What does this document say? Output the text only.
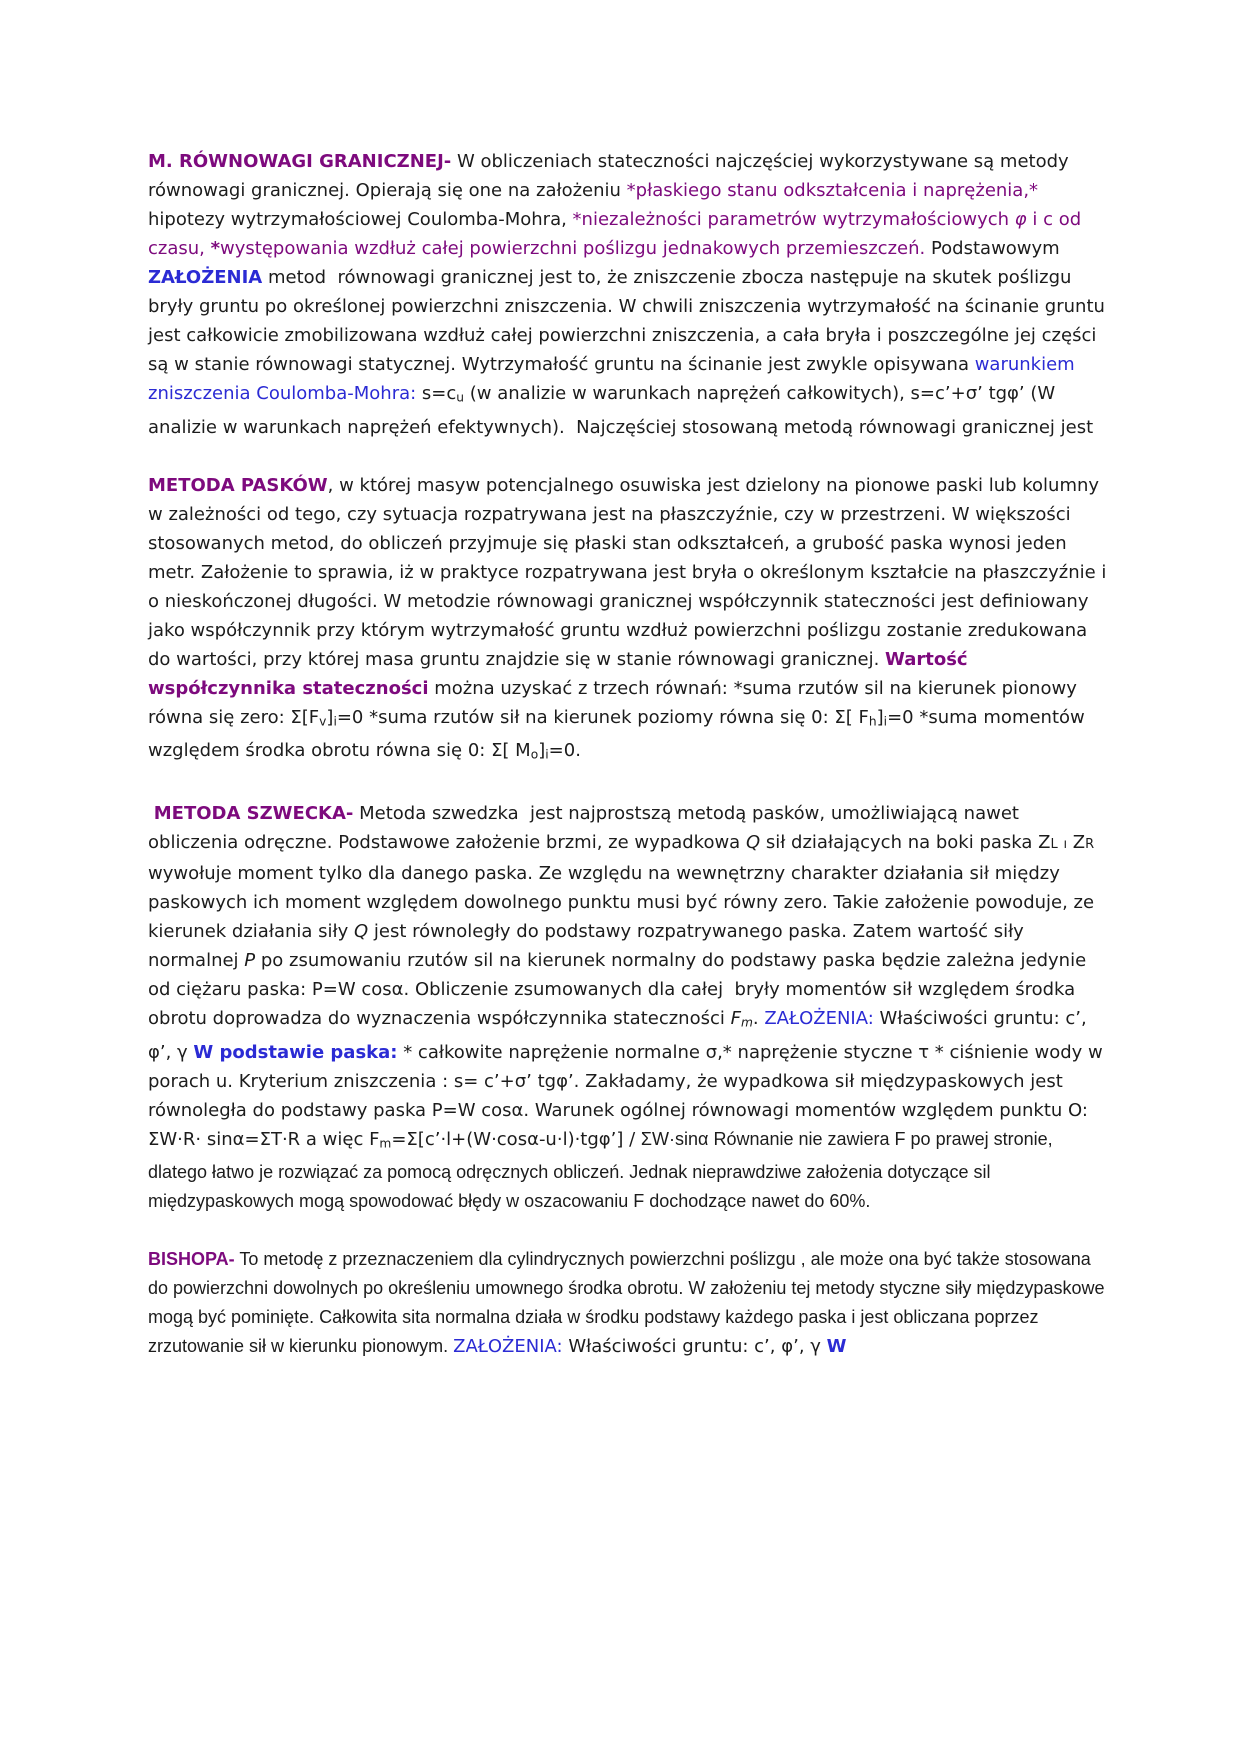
M. RÓWNOWAGI GRANICZNEJ- W obliczeniach stateczności najczęściej wykorzystywane są metody równowagi granicznej. Opierają się one na założeniu *płaskiego stanu odkształcenia i naprężenia,* hipotezy wytrzymałościowej Coulomba-Mohra, *niezależności parametrów wytrzymałościowych φ i c od czasu, *występowania wzdłuż całej powierzchni poślizgu jednakowych przemieszczeń. Podstawowym ZAŁOŻENIA metod  równowagi granicznej jest to, że zniszczenie zbocza następuje na skutek poślizgu bryły gruntu po określonej powierzchni zniszczenia. W chwili zniszczenia wytrzymałość na ścinanie gruntu jest całkowicie zmobilizowana wzdłuż całej powierzchni zniszczenia, a cała bryła i poszczególne jej części są w stanie równowagi statycznej. Wytrzymałość gruntu na ścinanie jest zwykle opisywana warunkiem zniszczenia Coulomba-Mohra: $s=c_u$ (w analizie w warunkach naprężeń całkowitych), s=c’+σ’ tgφ’ (W analizie w warunkach naprężeń efektywnych).  Najczęściej stosowaną metodą równowagi granicznej jest

METODA PASKÓW, w której masyw potencjalnego osuwiska jest dzielony na pionowe paski lub kolumny w zależności od tego, czy sytuacja rozpatrywana jest na płaszczyźnie, czy w przestrzeni. W większości stosowanych metod, do obliczeń przyjmuje się płaski stan odkształceń, a grubość paska wynosi jeden metr. Założenie to sprawia, iż w praktyce rozpatrywana jest bryła o określonym kształcie na płaszczyźnie i o nieskończonej długości. W metodzie równowagi granicznej współczynnik stateczności jest definiowany jako współczynnik przy którym wytrzymałość gruntu wzdłuż powierzchni poślizgu zostanie zredukowana do wartości, przy której masa gruntu znajdzie się w stanie równowagi granicznej. Wartość współczynnika stateczności można uzyskać z trzech równań: *suma rzutów sil na kierunek pionowy równa się zero: $\Sigma[F_v]_i=0$ *suma rzutów sił na kierunek poziomy równa się 0: Σ[ $F_h]_i=0$ *suma momentów względem środka obrotu równa się 0: Σ[ $M_o]_i=0$.

METODA SZWECKA- Metoda szwedzka  jest najprostszą metodą pasków, umożliwiającą nawet obliczenia odręczne. Podstawowe założenie brzmi, ze wypadkowa Q sił działających na boki paska ZL ı ZR  wywołuje moment tylko dla danego paska. Ze względu na wewnętrzny charakter działania sił między paskowych ich moment względem dowolnego punktu musi być równy zero. Takie założenie powoduje, ze kierunek działania siły Q jest równoległy do podstawy rozpatrywanego paska. Zatem wartość siły normalnej P po zsumowaniu rzutów sil na kierunek normalny do podstawy paska będzie zależna jedynie od ciężaru paska: P=W cosα. Obliczenie zsumowanych dla całej  bryły momentów sił względem środka obrotu doprowadza do wyznaczenia współczynnika stateczności $F_m$. ZAŁOŻENIA: Właściwości gruntu: c’, φ’, γ W podstawie paska: * całkowite naprężenie normalne σ,* naprężenie styczne τ * ciśnienie wody w porach u. Kryterium zniszczenia : s= c’+σ’ tgφ’. Zakładamy, że wypadkowa sił międzypaskowych jest równoległa do podstawy paska P=W cosα. Warunek ogólnej równowagi momentów względem punktu O: ΣW·R· sinα=ΣT·R a więc $F_m=\Sigma[c’\cdot l+(W\cdot\cos\alpha-u\cdot l)\cdot tg\varphi’] / \Sigma W\cdot\sin\alpha$ Równanie nie zawiera F po prawej stronie, dlatego łatwo je rozwiązać za pomocą odręcznych obliczeń. Jednak nieprawdziwe założenia dotyczące sil międzypaskowych mogą spowodować błędy w oszacowaniu F dochodzące nawet do 60%.

BISHOPA- To metodę z przeznaczeniem dla cylindrycznych powierzchni poślizgu , ale może ona być także stosowana do powierzchni dowolnych po określeniu umownego środka obrotu. W założeniu tej metody styczne siły międzypaskowe mogą być pominięte. Całkowita sita normalna działa w środku podstawy każdego paska i jest obliczana poprzez zrzutowanie sił w kierunku pionowym. ZAŁOŻENIA: Właściwości gruntu: c’, φ’, γ W
